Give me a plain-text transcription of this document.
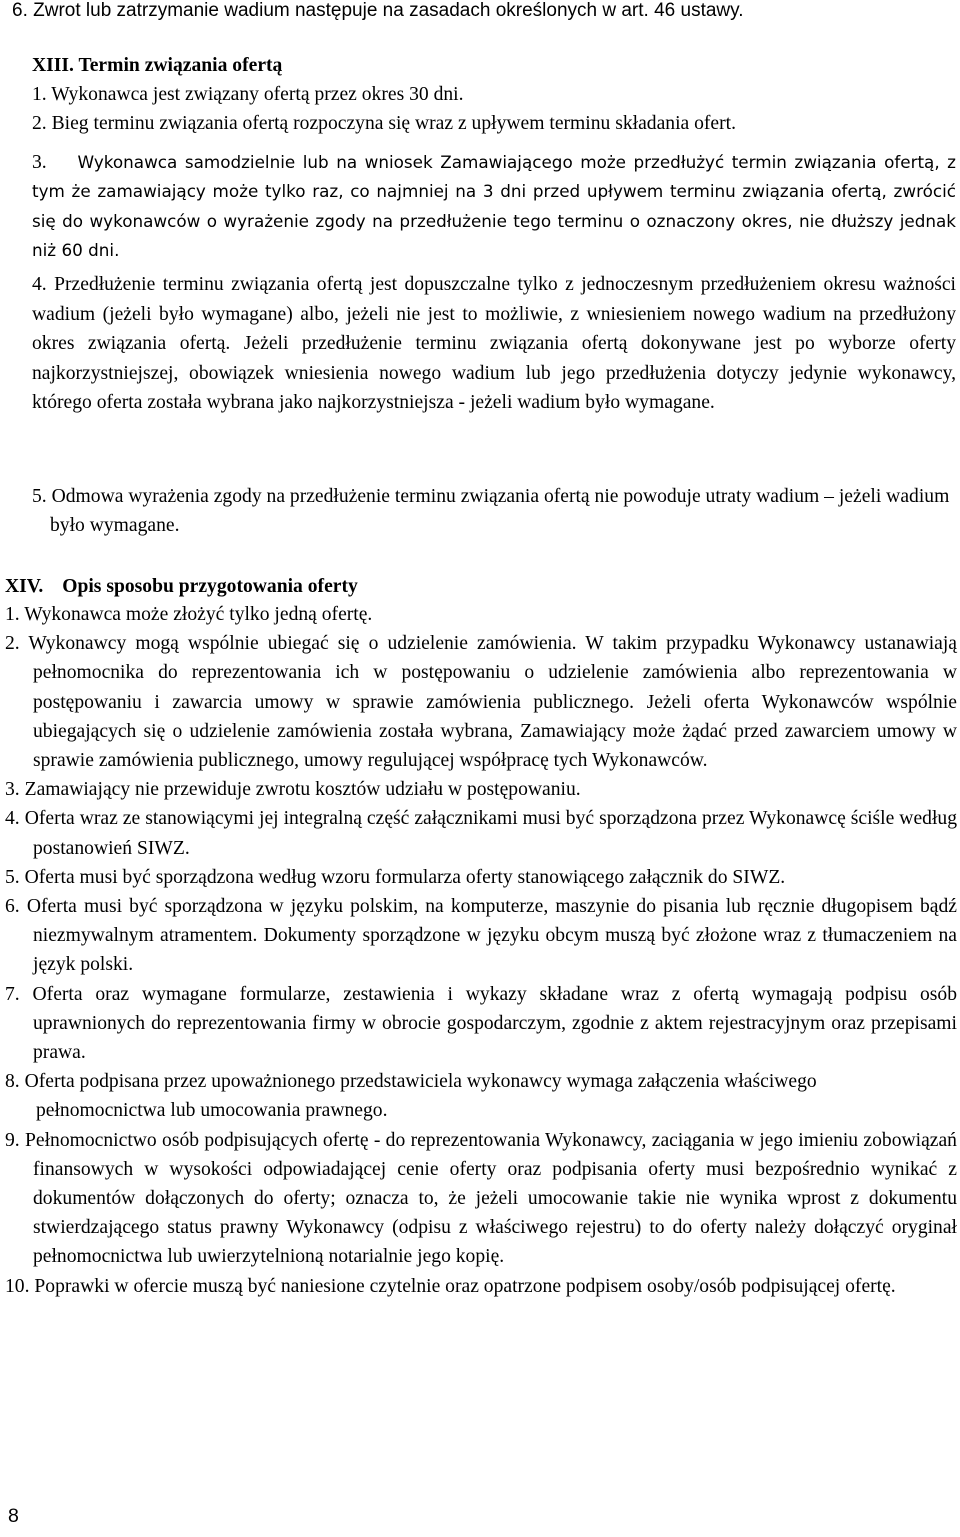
6. Zwrot lub zatrzymanie wadium następuje na zasadach określonych w art. 46 ustawy.
XIII. Termin związania ofertą
1. Wykonawca jest związany ofertą przez okres 30 dni.
2. Bieg terminu związania ofertą rozpoczyna się wraz z upływem terminu składania ofert.
3.	Wykonawca samodzielnie lub na wniosek Zamawiającego może przedłużyć termin związania ofertą, z tym że zamawiający może tylko raz, co najmniej na 3 dni przed upływem terminu związania ofertą, zwrócić się do wykonawców o wyrażenie zgody na przedłużenie tego terminu o oznaczony okres, nie dłuższy jednak niż 60 dni.
4. Przedłużenie terminu związania ofertą jest dopuszczalne tylko z jednoczesnym przedłużeniem okresu ważności wadium (jeżeli było wymagane) albo, jeżeli nie jest to możliwie, z wniesieniem nowego wadium na przedłużony okres związania ofertą. Jeżeli przedłużenie terminu związania ofertą dokonywane jest po wyborze oferty najkorzystniejszej, obowiązek wniesienia nowego wadium lub jego przedłużenia dotyczy jedynie wykonawcy, którego oferta została wybrana jako najkorzystniejsza - jeżeli wadium było wymagane.
5. Odmowa wyrażenia zgody na przedłużenie terminu związania ofertą nie powoduje utraty wadium – jeżeli wadium było wymagane.
XIV. Opis sposobu przygotowania oferty
1. Wykonawca może złożyć tylko jedną ofertę.
2. Wykonawcy mogą wspólnie ubiegać się o udzielenie zamówienia. W takim przypadku Wykonawcy ustanawiają pełnomocnika do reprezentowania ich w postępowaniu o udzielenie zamówienia albo reprezentowania w postępowaniu i zawarcia umowy w sprawie zamówienia publicznego. Jeżeli oferta Wykonawców wspólnie ubiegających się o udzielenie zamówienia została wybrana, Zamawiający może żądać przed zawarciem umowy w sprawie zamówienia publicznego, umowy regulującej współpracę tych Wykonawców.
3. Zamawiający nie przewiduje zwrotu kosztów udziału w postępowaniu.
4. Oferta wraz ze stanowiącymi jej integralną część załącznikami musi być sporządzona przez Wykonawcę ściśle według postanowień SIWZ.
5. Oferta musi być sporządzona według wzoru formularza oferty stanowiącego załącznik do SIWZ.
6. Oferta musi być sporządzona w języku polskim, na komputerze, maszynie do pisania lub ręcznie długopisem bądź niezmywalnym atramentem. Dokumenty sporządzone w języku obcym muszą być złożone wraz z tłumaczeniem na język polski.
7. Oferta oraz wymagane formularze, zestawienia i wykazy składane wraz z ofertą wymagają podpisu osób uprawnionych do reprezentowania firmy w obrocie gospodarczym, zgodnie z aktem rejestracyjnym oraz przepisami prawa.
8. Oferta podpisana przez upoważnionego przedstawiciela wykonawcy wymaga załączenia właściwego pełnomocnictwa lub umocowania prawnego.
9. Pełnomocnictwo osób podpisujących ofertę - do reprezentowania Wykonawcy, zaciągania w jego imieniu zobowiązań finansowych w wysokości odpowiadającej cenie oferty oraz podpisania oferty musi bezpośrednio wynikać z dokumentów dołączonych do oferty; oznacza to, że jeżeli umocowanie takie nie wynika wprost z dokumentu stwierdzającego status prawny Wykonawcy (odpisu z właściwego rejestru) to do oferty należy dołączyć oryginał pełnomocnictwa lub uwierzytelnioną notarialnie jego kopię.
10. Poprawki w ofercie muszą być naniesione czytelnie oraz opatrzone podpisem osoby/osób podpisującej ofertę.
8
